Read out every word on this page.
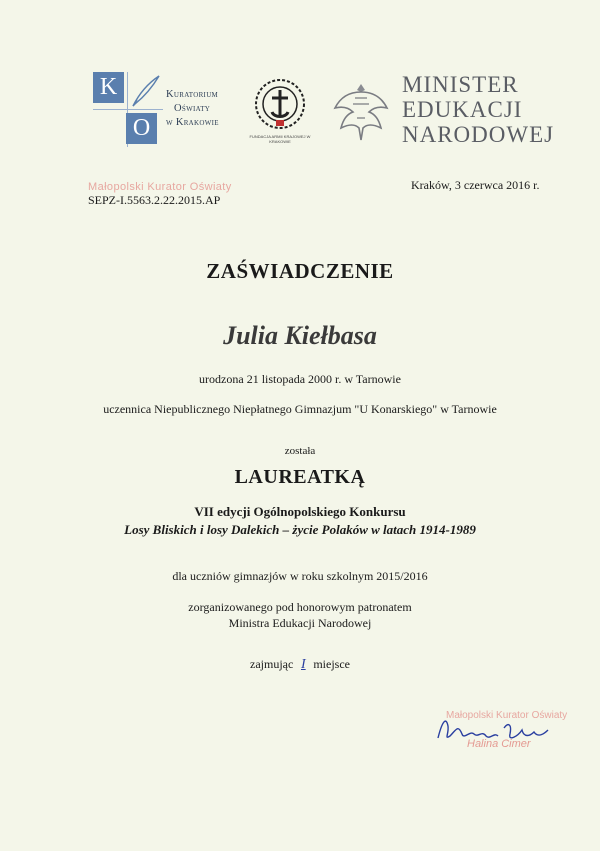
K
O
Kuratorium
Oświaty
w Krakowie
FUNDACJA ARMII KRAJOWEJ W KRAKOWIE
MINISTER
EDUKACJI
NARODOWEJ
Małopolski Kurator Oświaty
SEPZ-I.5563.2.22.2015.AP
Kraków, 3 czerwca 2016 r.
ZAŚWIADCZENIE
Julia Kiełbasa
urodzona 21 listopada 2000 r. w Tarnowie
uczennica Niepublicznego Niepłatnego Gimnazjum "U Konarskiego" w Tarnowie
została
LAUREATKĄ
VII edycji Ogólnopolskiego Konkursu
Losy Bliskich i losy Dalekich – życie Polaków w latach 1914-1989
dla uczniów gimnazjów w roku szkolnym 2015/2016
zorganizowanego pod honorowym patronatem
Ministra Edukacji Narodowej
zajmując I miejsce
Małopolski Kurator Oświaty
Halina Cimer
